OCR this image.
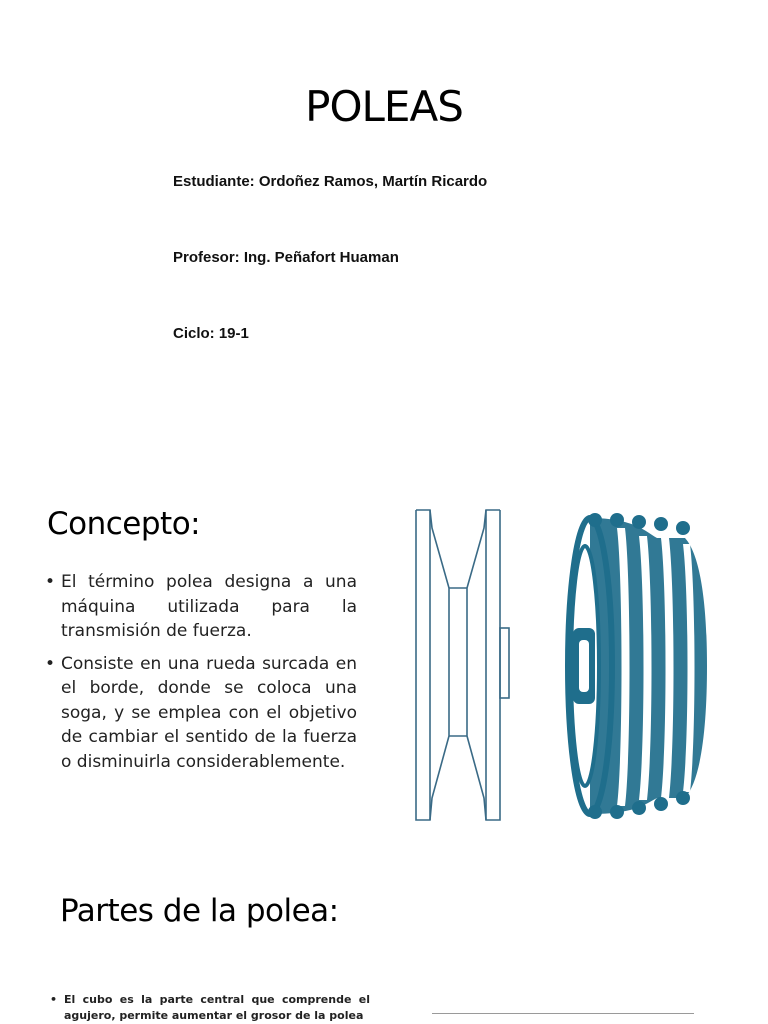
POLEAS
Estudiante: Ordoñez Ramos, Martín Ricardo
Profesor: Ing. Peñafort Huaman
Ciclo: 19-1
Concepto:
• El término polea designa a una máquina utilizada para la transmisión de fuerza.
• Consiste en una rueda surcada en el borde, donde se coloca una soga, y se emplea con el objetivo de cambiar el sentido de la fuerza o disminuirla considerablemente.
Partes de la polea:
• El cubo es la parte central que comprende el agujero, permite aumentar el grosor de la polea
